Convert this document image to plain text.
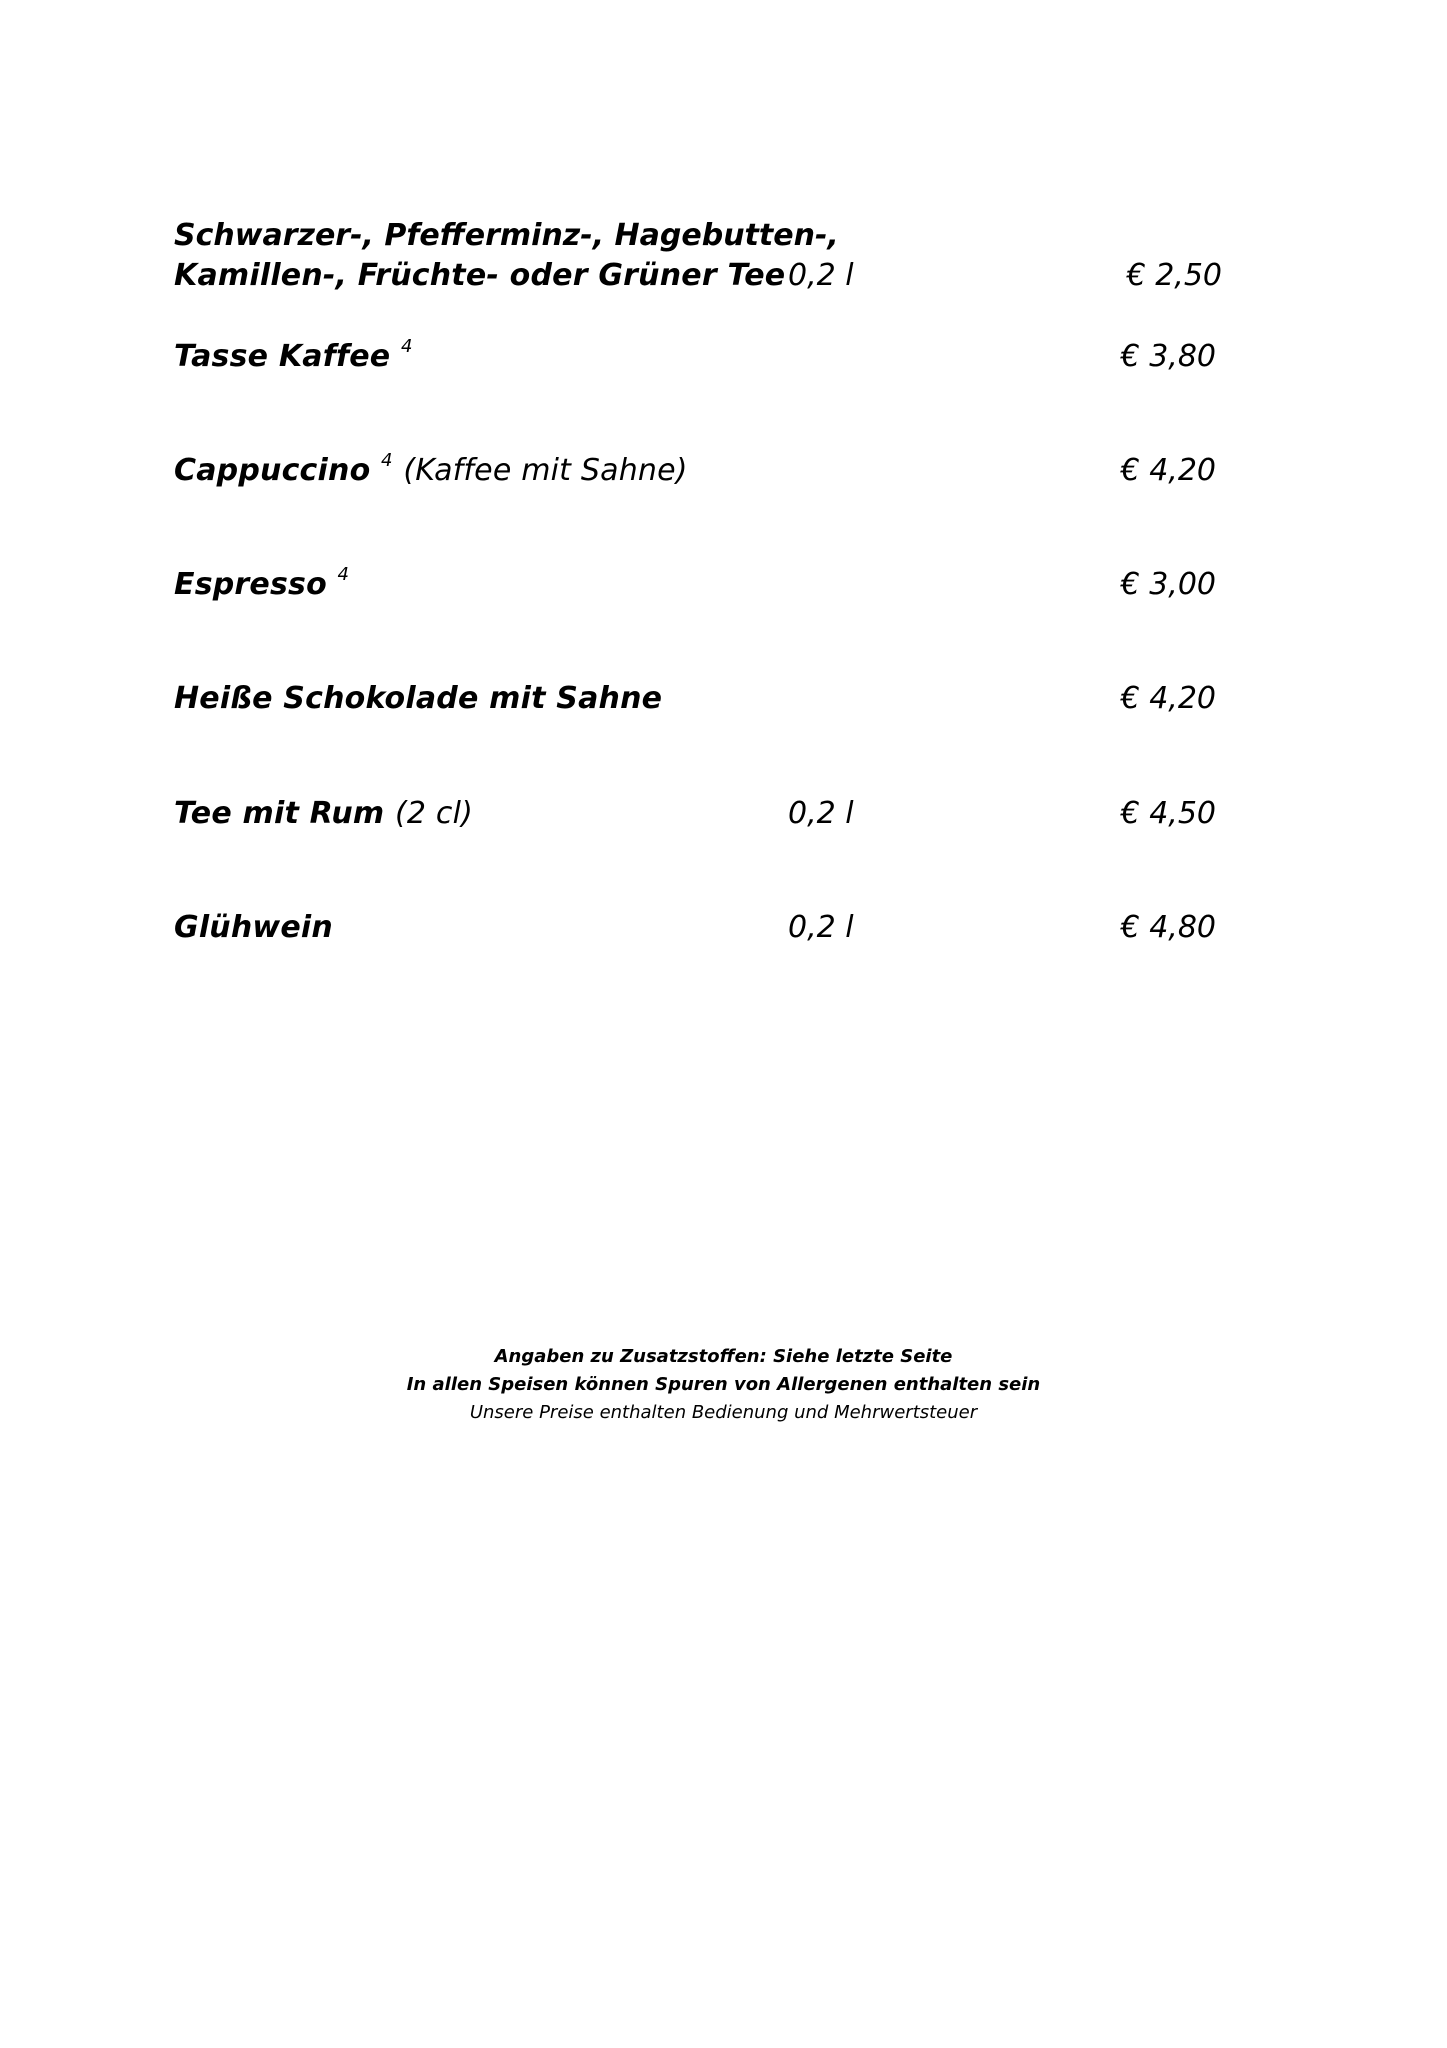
Schwarzer-, Pfefferminz-, Hagebutten-,
Kamillen-, Früchte- oder Grüner Tee 0,2 l	€ 2,50
Tasse Kaffee $^4$	€ 3,80
Cappuccino $^4$ (Kaffee mit Sahne)	€ 4,20
Espresso $^4$	€ 3,00
Heiße Schokolade mit Sahne	€ 4,20
Tee mit Rum (2 cl)	0,2 l	€ 4,50
Glühwein	0,2 l	€ 4,80
Angaben zu Zusatzstoffen: Siehe letzte Seite
In allen Speisen können Spuren von Allergenen enthalten sein
Unsere Preise enthalten Bedienung und Mehrwertsteuer
